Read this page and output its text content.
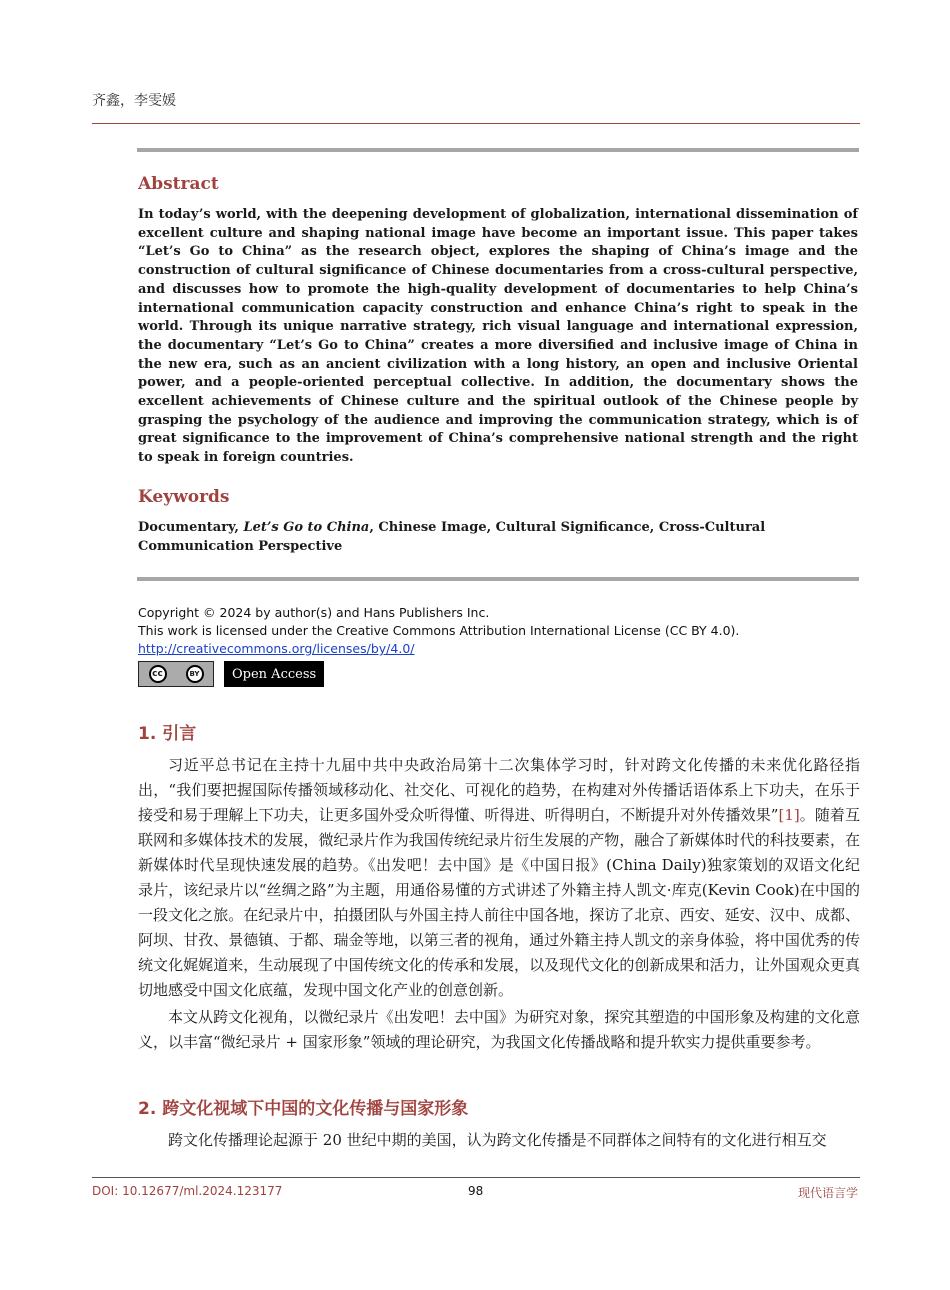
齐鑫，李雯媛
Abstract
In today’s world, with the deepening development of globalization, international dissemination of excellent culture and shaping national image have become an important issue. This paper takes “Let’s Go to China” as the research object, explores the shaping of China’s image and the construction of cultural significance of Chinese documentaries from a cross-cultural perspective, and discusses how to promote the high-quality development of documentaries to help China’s international communication capacity construction and enhance China’s right to speak in the world. Through its unique narrative strategy, rich visual language and international expression, the documentary “Let’s Go to China” creates a more diversified and inclusive image of China in the new era, such as an ancient civilization with a long history, an open and inclusive Oriental power, and a people-oriented perceptual collective. In addition, the documentary shows the excellent achievements of Chinese culture and the spiritual outlook of the Chinese people by grasping the psychology of the audience and improving the communication strategy, which is of great significance to the improvement of China’s comprehensive national strength and the right to speak in foreign countries.
Keywords
Documentary, Let’s Go to China, Chinese Image, Cultural Significance, Cross-Cultural Communication Perspective
Copyright © 2024 by author(s) and Hans Publishers Inc.
This work is licensed under the Creative Commons Attribution International License (CC BY 4.0).
http://creativecommons.org/licenses/by/4.0/
cc	BY	Open Access
1. 引言
习近平总书记在主持十九届中共中央政治局第十二次集体学习时，针对跨文化传播的未来优化路径指出，“我们要把握国际传播领域移动化、社交化、可视化的趋势，在构建对外传播话语体系上下功夫，在乐于接受和易于理解上下功夫，让更多国外受众听得懂、听得进、听得明白，不断提升对外传播效果”[1]。随着互联网和多媒体技术的发展，微纪录片作为我国传统纪录片衍生发展的产物，融合了新媒体时代的科技要素，在新媒体时代呈现快速发展的趋势。《出发吧！去中国》是《中国日报》(China Daily)独家策划的双语文化纪录片，该纪录片以“丝绸之路”为主题，用通俗易懂的方式讲述了外籍主持人凯文·库克(Kevin Cook)在中国的一段文化之旅。在纪录片中，拍摄团队与外国主持人前往中国各地，探访了北京、西安、延安、汉中、成都、阿坝、甘孜、景德镇、于都、瑞金等地，以第三者的视角，通过外籍主持人凯文的亲身体验，将中国优秀的传统文化娓娓道来，生动展现了中国传统文化的传承和发展，以及现代文化的创新成果和活力，让外国观众更真切地感受中国文化底蕴，发现中国文化产业的创意创新。
本文从跨文化视角，以微纪录片《出发吧！去中国》为研究对象，探究其塑造的中国形象及构建的文化意义，以丰富“微纪录片 + 国家形象”领域的理论研究，为我国文化传播战略和提升软实力提供重要参考。
2. 跨文化视域下中国的文化传播与国家形象
跨文化传播理论起源于 20 世纪中期的美国，认为跨文化传播是不同群体之间特有的文化进行相互交
DOI: 10.12677/ml.2024.123177	98	现代语言学
